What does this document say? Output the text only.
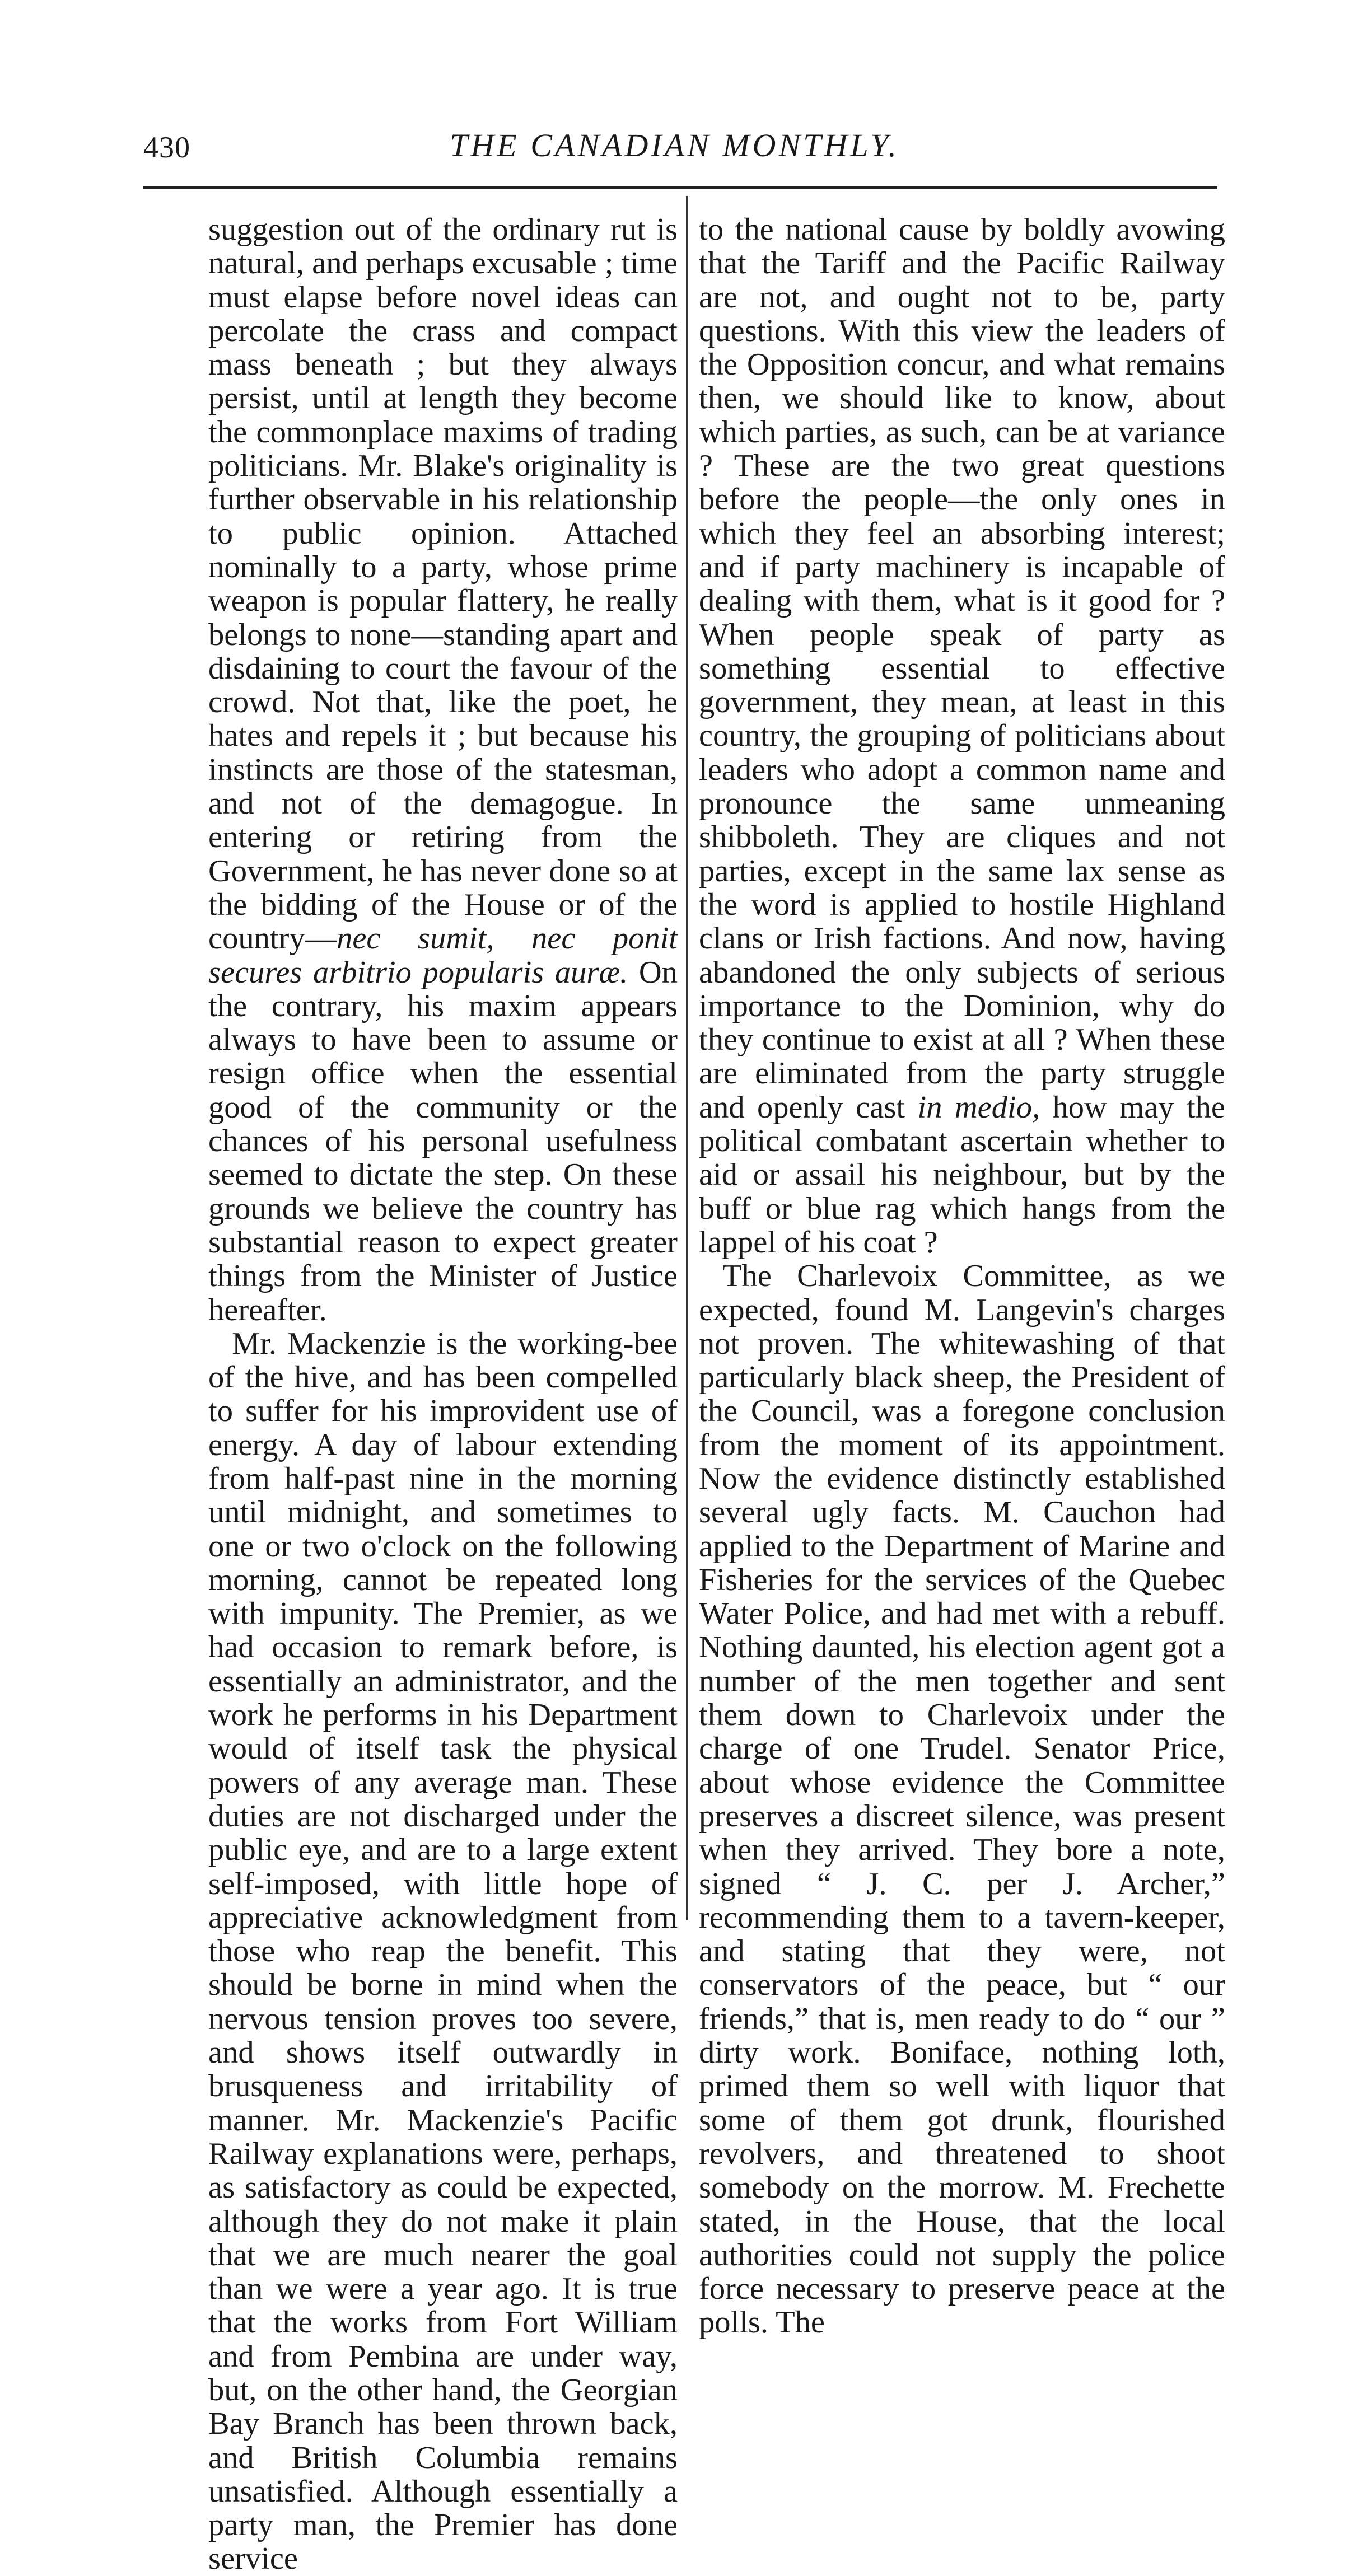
430	THE CANADIAN MONTHLY.

suggestion out of the ordinary rut is natural, and perhaps excusable ; time must elapse before novel ideas can percolate the crass and compact mass beneath ; but they always persist, until at length they become the commonplace maxims of trading politicians. Mr. Blake's originality is further observable in his relationship to public opinion. Attached nominally to a party, whose prime weapon is popular flattery, he really belongs to none—standing apart and disdaining to court the favour of the crowd. Not that, like the poet, he hates and repels it ; but because his instincts are those of the statesman, and not of the demagogue. In entering or retiring from the Government, he has never done so at the bidding of the House or of the country—nec sumit, nec ponit secures arbitrio popularis auræ. On the contrary, his maxim appears always to have been to assume or resign office when the essential good of the community or the chances of his personal usefulness seemed to dictate the step. On these grounds we believe the country has substantial reason to expect greater things from the Minister of Justice hereafter.

Mr. Mackenzie is the working-bee of the hive, and has been compelled to suffer for his improvident use of energy. A day of labour extending from half-past nine in the morning until midnight, and sometimes to one or two o'clock on the following morning, cannot be repeated long with impunity. The Premier, as we had occasion to remark before, is essentially an administrator, and the work he performs in his Department would of itself task the physical powers of any average man. These duties are not discharged under the public eye, and are to a large extent self-imposed, with little hope of appreciative acknowledgment from those who reap the benefit. This should be borne in mind when the nervous tension proves too severe, and shows itself outwardly in brusqueness and irritability of manner. Mr. Mackenzie's Pacific Railway explanations were, perhaps, as satisfactory as could be expected, although they do not make it plain that we are much nearer the goal than we were a year ago. It is true that the works from Fort William and from Pembina are under way, but, on the other hand, the Georgian Bay Branch has been thrown back, and British Columbia remains unsatisfied. Although essentially a party man, the Premier has done service

to the national cause by boldly avowing that the Tariff and the Pacific Railway are not, and ought not to be, party questions. With this view the leaders of the Opposition concur, and what remains then, we should like to know, about which parties, as such, can be at variance ? These are the two great questions before the people—the only ones in which they feel an absorbing interest; and if party machinery is incapable of dealing with them, what is it good for ? When people speak of party as something essential to effective government, they mean, at least in this country, the grouping of politicians about leaders who adopt a common name and pronounce the same unmeaning shibboleth. They are cliques and not parties, except in the same lax sense as the word is applied to hostile Highland clans or Irish factions. And now, having abandoned the only subjects of serious importance to the Dominion, why do they continue to exist at all ? When these are eliminated from the party struggle and openly cast in medio, how may the political combatant ascertain whether to aid or assail his neighbour, but by the buff or blue rag which hangs from the lappel of his coat ?

The Charlevoix Committee, as we expected, found M. Langevin's charges not proven. The whitewashing of that particularly black sheep, the President of the Council, was a foregone conclusion from the moment of its appointment. Now the evidence distinctly established several ugly facts. M. Cauchon had applied to the Department of Marine and Fisheries for the services of the Quebec Water Police, and had met with a rebuff. Nothing daunted, his election agent got a number of the men together and sent them down to Charlevoix under the charge of one Trudel. Senator Price, about whose evidence the Committee preserves a discreet silence, was present when they arrived. They bore a note, signed “ J. C. per J. Archer,” recommending them to a tavern-keeper, and stating that they were, not conservators of the peace, but “ our friends,” that is, men ready to do “ our ” dirty work. Boniface, nothing loth, primed them so well with liquor that some of them got drunk, flourished revolvers, and threatened to shoot somebody on the morrow. M. Frechette stated, in the House, that the local authorities could not supply the police force necessary to preserve peace at the polls. The
